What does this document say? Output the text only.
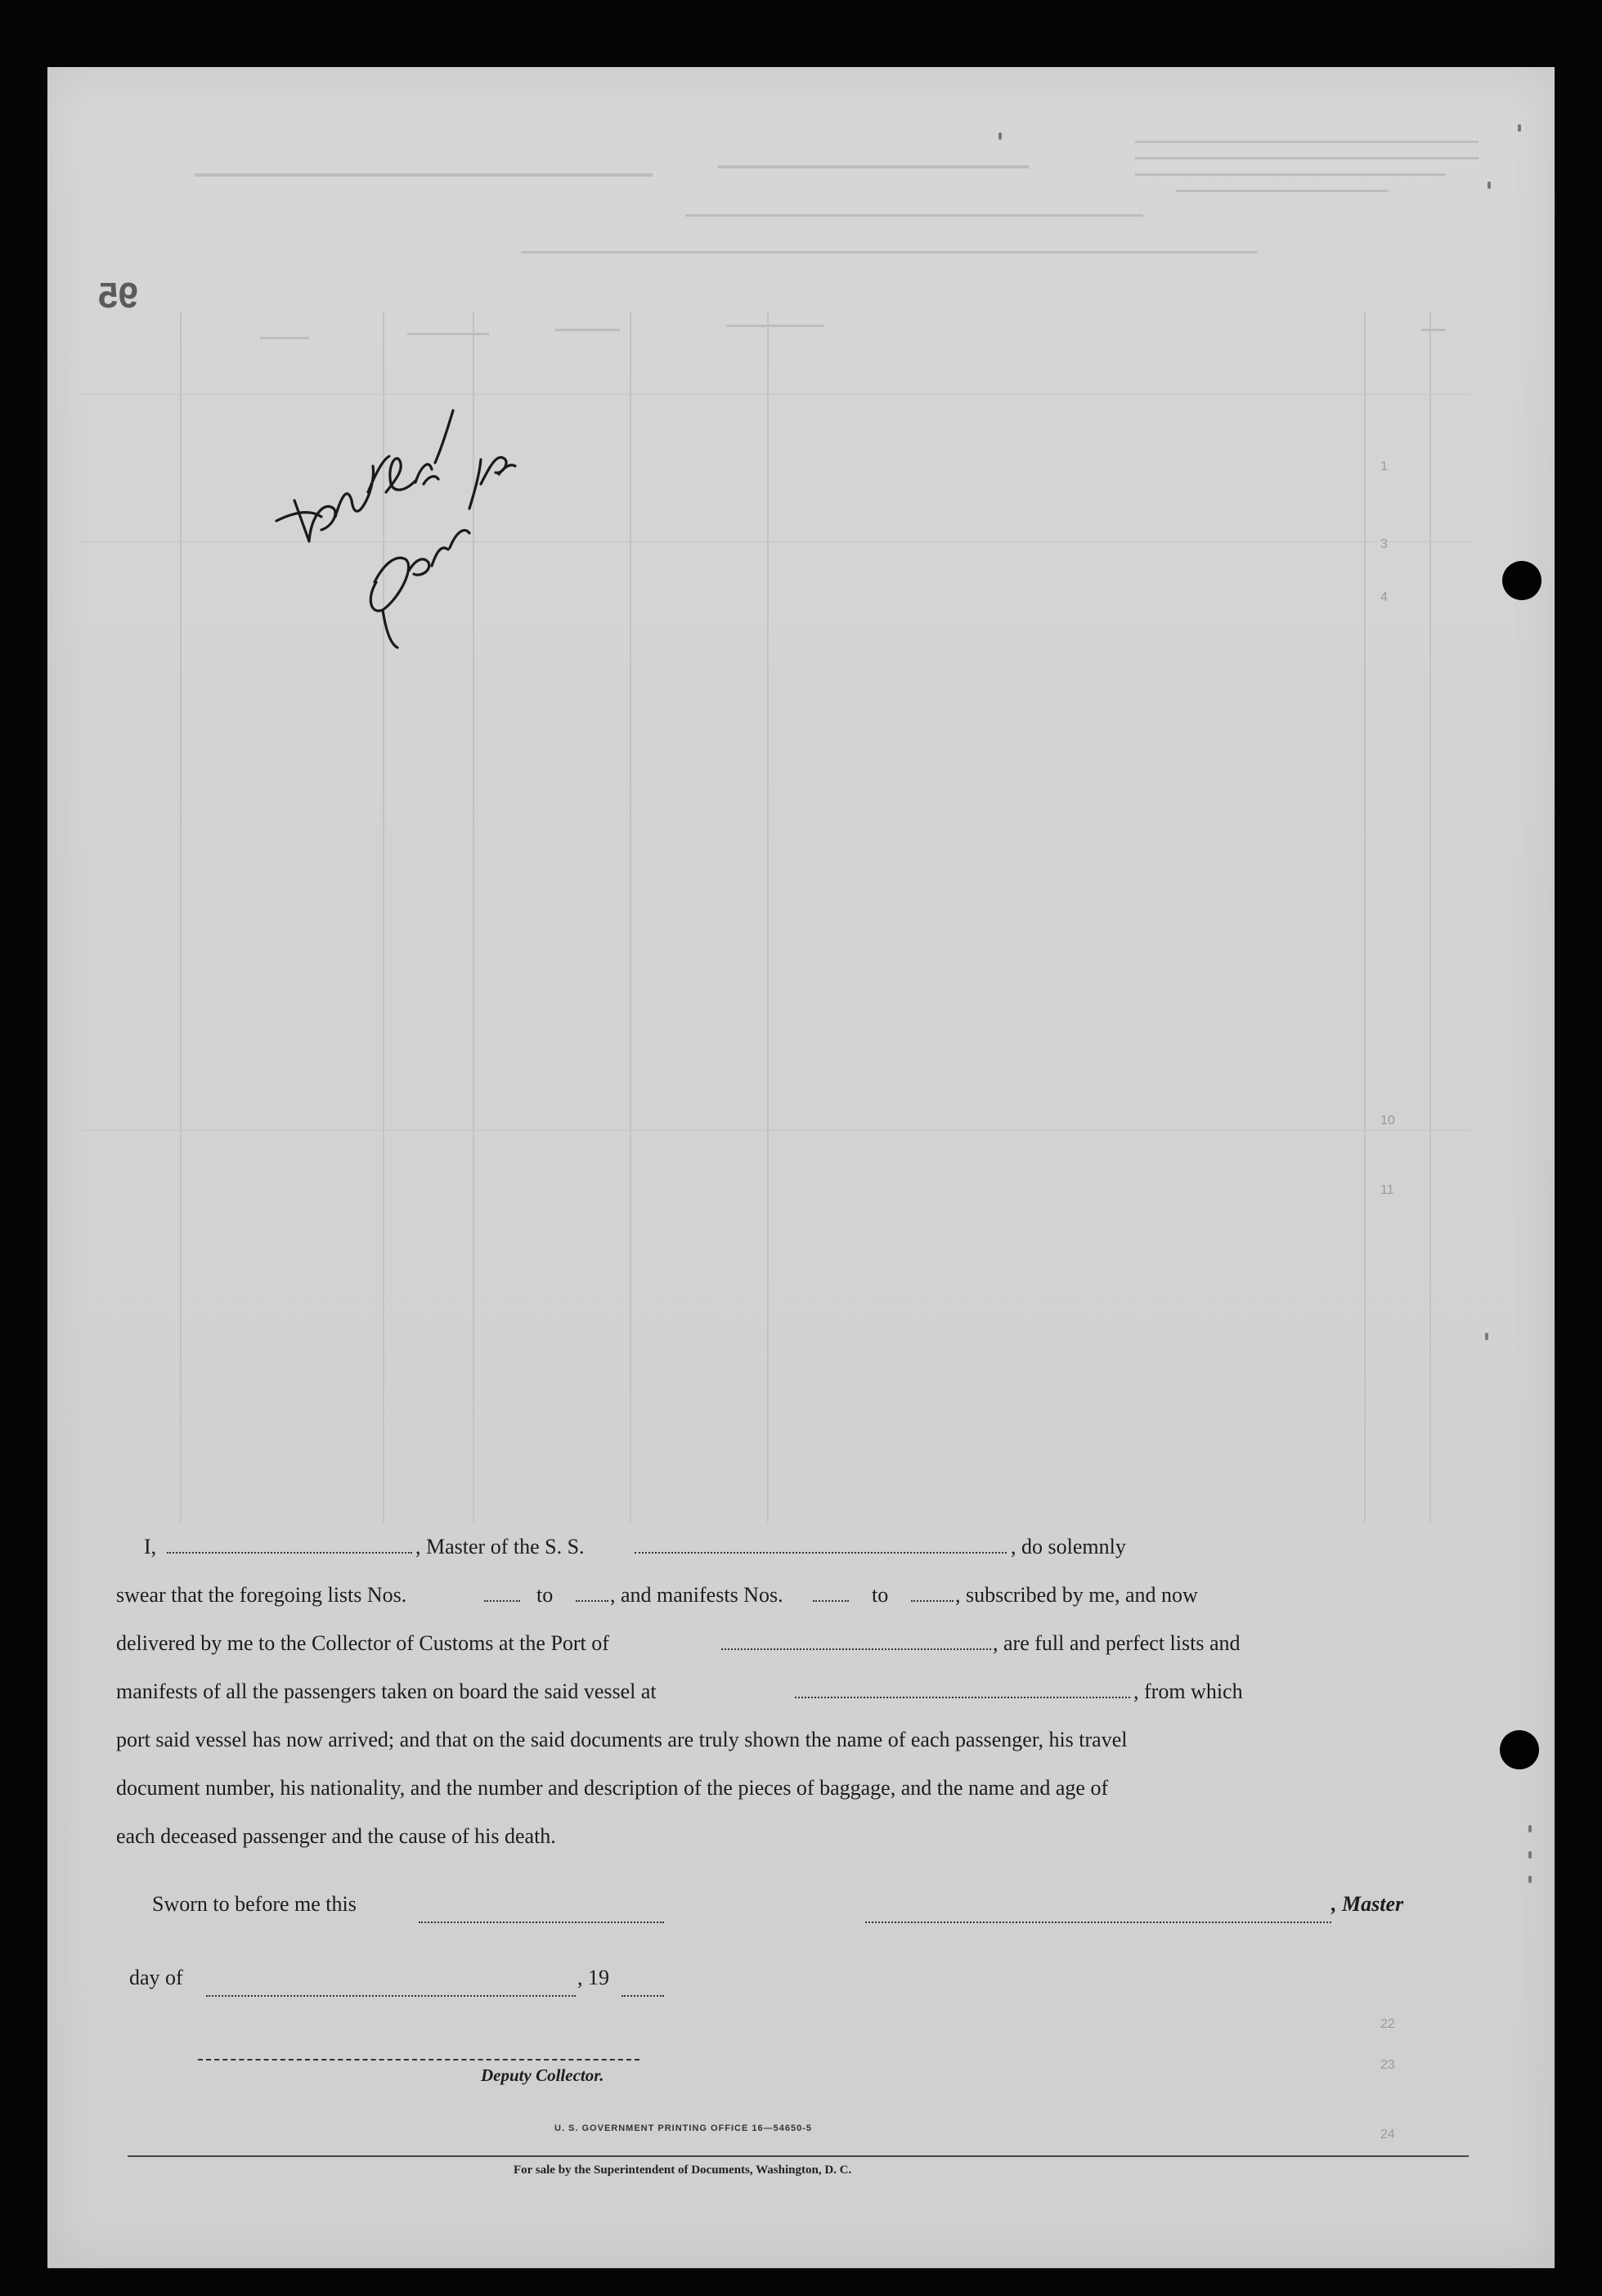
95
1
3
4
10
11
22
23
24
I,	, Master of the S. S.	, do solemnly
swear that the foregoing lists Nos.	to	, and manifests Nos.	to	, subscribed by me, and now
delivered by me to the Collector of Customs at the Port of	, are full and perfect lists and
manifests of all the passengers taken on board the said vessel at	, from which
port said vessel has now arrived; and that on the said documents are truly shown the name of each passenger, his travel
document number, his nationality, and the number and description of the pieces of baggage, and the name and age of
each deceased passenger and the cause of his death.
Sworn to before me this	, Master
day of	, 19
Deputy Collector.
U. S. GOVERNMENT PRINTING OFFICE 16—54650-5
For sale by the Superintendent of Documents, Washington, D. C.
